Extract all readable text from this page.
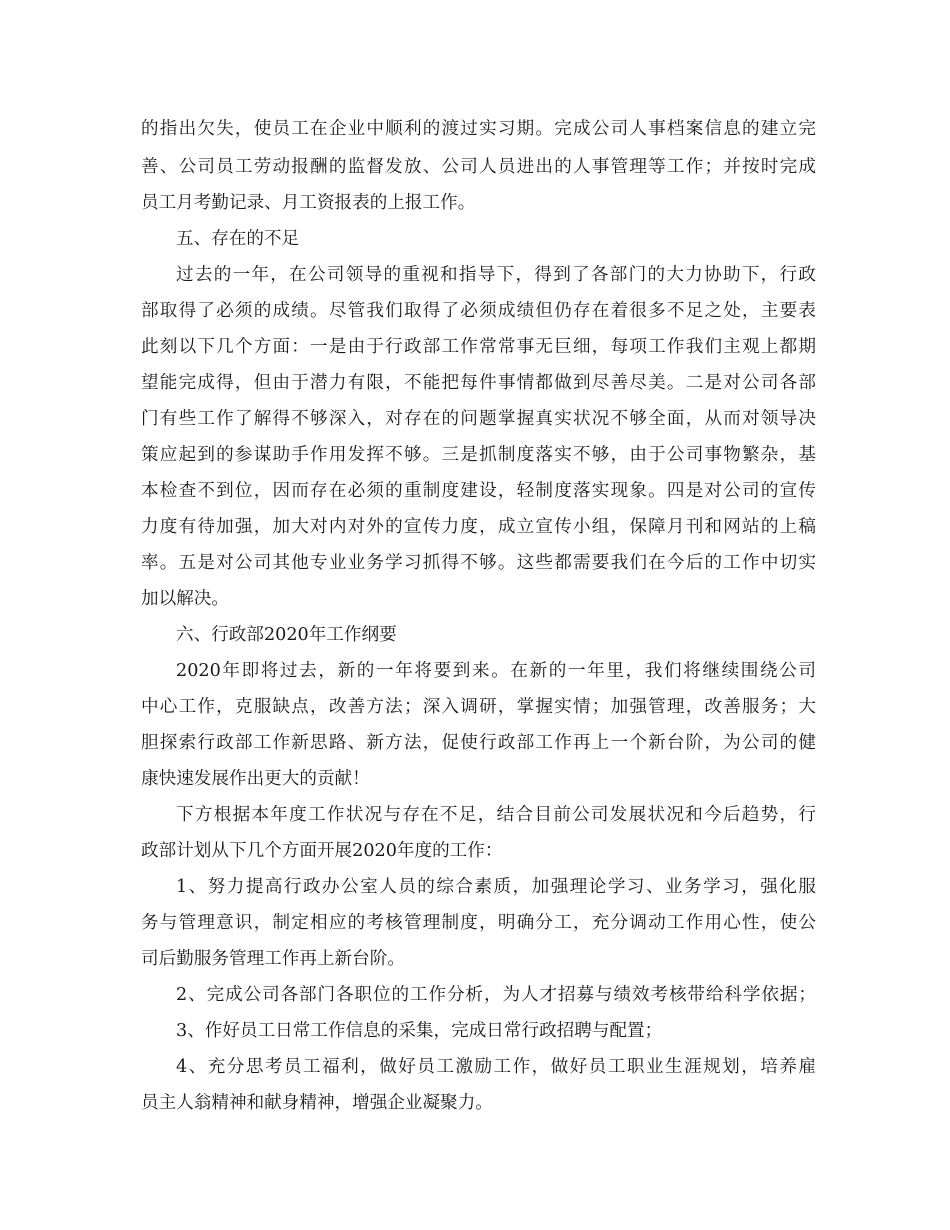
的指出欠失，使员工在企业中顺利的渡过实习期。完成公司人事档案信息的建立完

善、公司员工劳动报酬的监督发放、公司人员进出的人事管理等工作；并按时完成

员工月考勤记录、月工资报表的上报工作。

五、存在的不足

过去的一年，在公司领导的重视和指导下，得到了各部门的大力协助下，行政

部取得了必须的成绩。尽管我们取得了必须成绩但仍存在着很多不足之处，主要表

此刻以下几个方面：一是由于行政部工作常常事无巨细，每项工作我们主观上都期

望能完成得，但由于潜力有限，不能把每件事情都做到尽善尽美。二是对公司各部

门有些工作了解得不够深入，对存在的问题掌握真实状况不够全面，从而对领导决

策应起到的参谋助手作用发挥不够。三是抓制度落实不够，由于公司事物繁杂，基

本检查不到位，因而存在必须的重制度建设，轻制度落实现象。四是对公司的宣传

力度有待加强，加大对内对外的宣传力度，成立宣传小组，保障月刊和网站的上稿

率。五是对公司其他专业业务学习抓得不够。这些都需要我们在今后的工作中切实

加以解决。

六、行政部2020年工作纲要

2020年即将过去，新的一年将要到来。在新的一年里，我们将继续围绕公司

中心工作，克服缺点，改善方法；深入调研，掌握实情；加强管理，改善服务；大

胆探索行政部工作新思路、新方法，促使行政部工作再上一个新台阶，为公司的健

康快速发展作出更大的贡献！

下方根据本年度工作状况与存在不足，结合目前公司发展状况和今后趋势，行

政部计划从下几个方面开展2020年度的工作：

1、努力提高行政办公室人员的综合素质，加强理论学习、业务学习，强化服

务与管理意识，制定相应的考核管理制度，明确分工，充分调动工作用心性，使公

司后勤服务管理工作再上新台阶。

2、完成公司各部门各职位的工作分析，为人才招募与绩效考核带给科学依据；

3、作好员工日常工作信息的采集，完成日常行政招聘与配置；

4、充分思考员工福利，做好员工激励工作，做好员工职业生涯规划，培养雇

员主人翁精神和献身精神，增强企业凝聚力。
